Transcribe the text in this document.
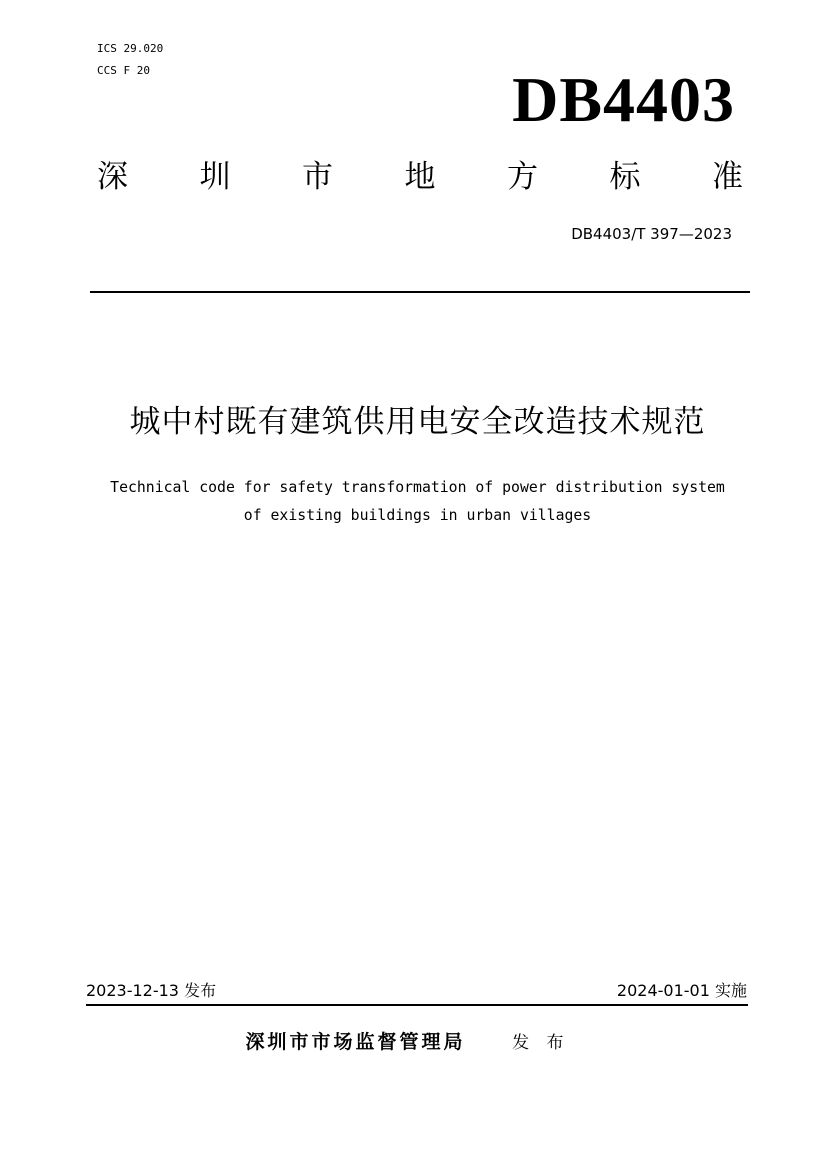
ICS 29.020
CCS F 20	DB4403
深 圳 市 地 方 标 准
DB4403/T 397—2023
城中村既有建筑供用电安全改造技术规范
Technical code for safety transformation of power distribution system
of existing buildings in urban villages
2023-12-13 发布	2024-01-01 实施
深圳市市场监督管理局	发 布
